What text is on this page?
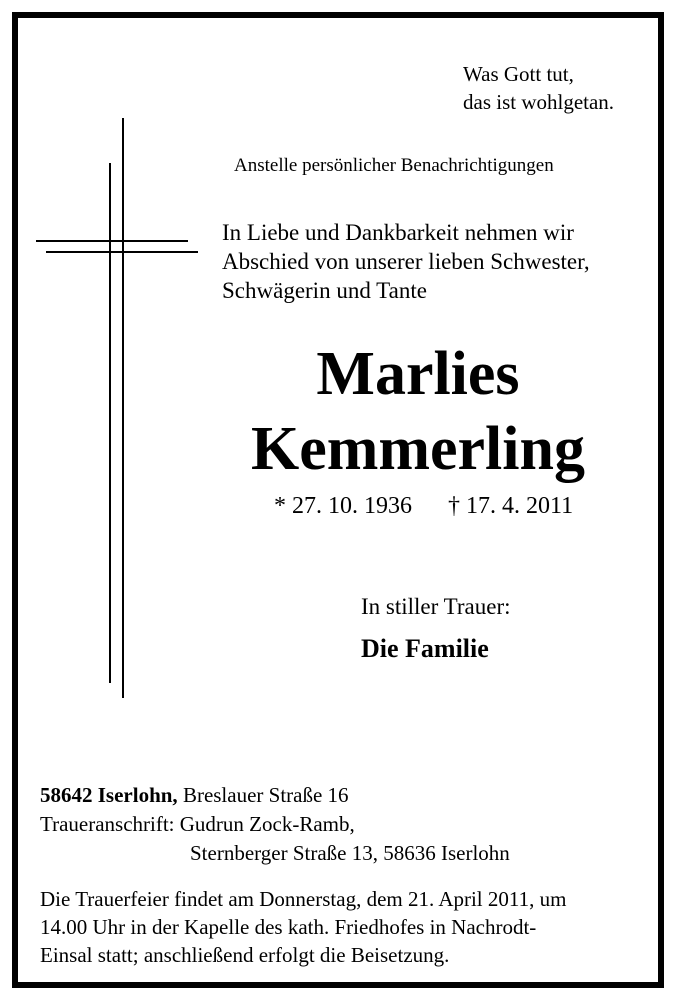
Was Gott tut,
das ist wohlgetan.
Anstelle persönlicher Benachrichtigungen
In Liebe und Dankbarkeit nehmen wir
Abschied von unserer lieben Schwester,
Schwägerin und Tante
Marlies
Kemmerling
* 27. 10. 1936 † 17. 4. 2011
In stiller Trauer:
Die Familie
58642 Iserlohn, Breslauer Straße 16
Traueranschrift: Gudrun Zock-Ramb,
Sternberger Straße 13, 58636 Iserlohn
Die Trauerfeier findet am Donnerstag, dem 21. April 2011, um
14.00 Uhr in der Kapelle des kath. Friedhofes in Nachrodt-
Einsal statt; anschließend erfolgt die Beisetzung.
